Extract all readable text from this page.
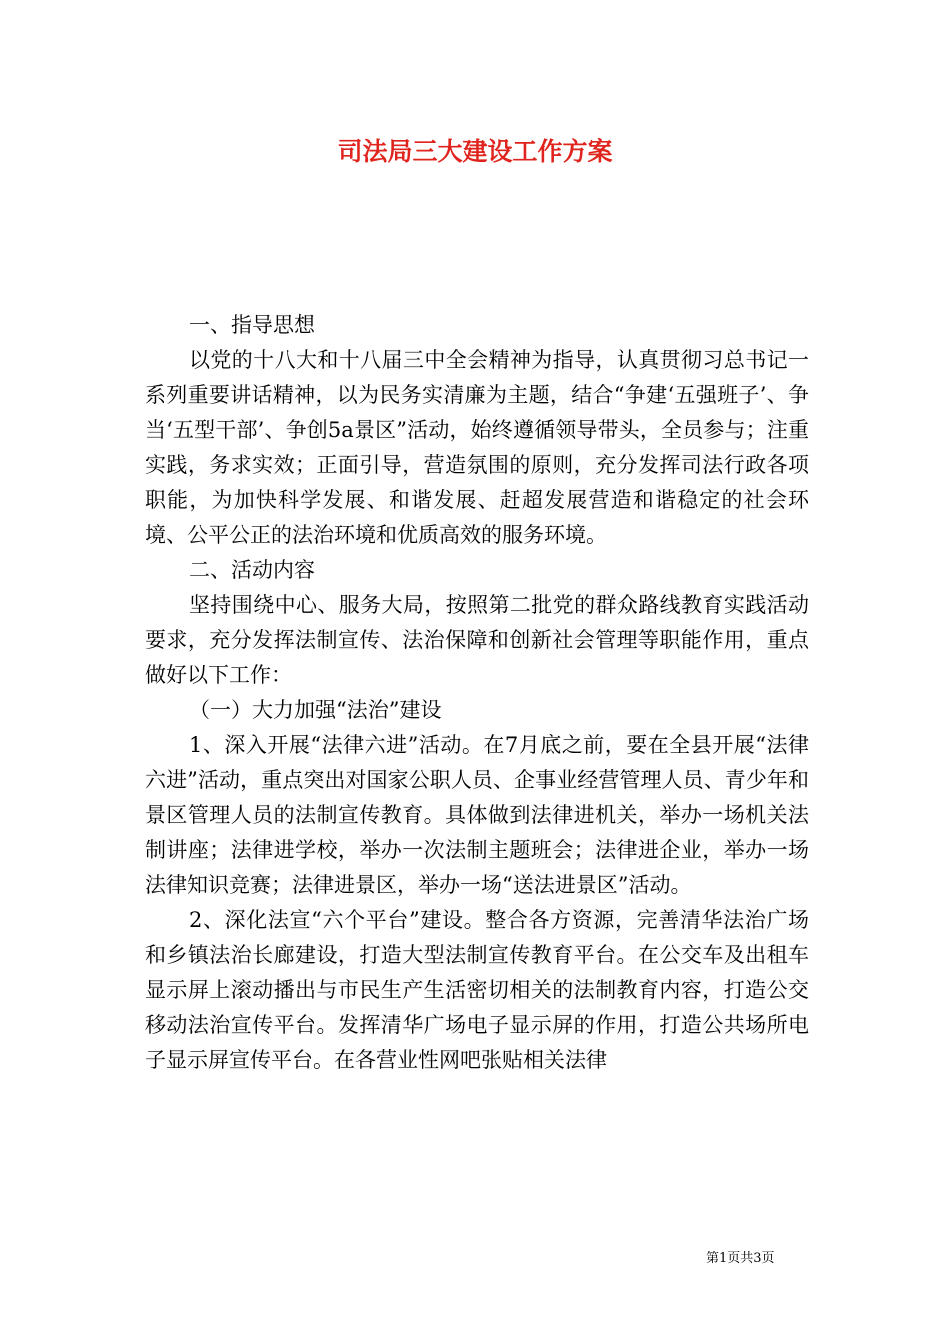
司法局三大建设工作方案

一、指导思想

以党的十八大和十八届三中全会精神为指导，认真贯彻习总书记一系列重要讲话精神，以为民务实清廉为主题，结合“争建‘五强班子’、争当‘五型干部’、争创5a景区”活动，始终遵循领导带头，全员参与；注重实践，务求实效；正面引导，营造氛围的原则，充分发挥司法行政各项职能，为加快科学发展、和谐发展、赶超发展营造和谐稳定的社会环境、公平公正的法治环境和优质高效的服务环境。

二、活动内容

坚持围绕中心、服务大局，按照第二批党的群众路线教育实践活动要求，充分发挥法制宣传、法治保障和创新社会管理等职能作用，重点做好以下工作：

（一）大力加强“法治”建设

1、深入开展“法律六进”活动。在7月底之前，要在全县开展“法律六进”活动，重点突出对国家公职人员、企事业经营管理人员、青少年和景区管理人员的法制宣传教育。具体做到法律进机关，举办一场机关法制讲座；法律进学校，举办一次法制主题班会；法律进企业，举办一场法律知识竞赛；法律进景区，举办一场“送法进景区”活动。

2、深化法宣“六个平台”建设。整合各方资源，完善清华法治广场和乡镇法治长廊建设，打造大型法制宣传教育平台。在公交车及出租车显示屏上滚动播出与市民生产生活密切相关的法制教育内容，打造公交移动法治宣传平台。发挥清华广场电子显示屏的作用，打造公共场所电子显示屏宣传平台。在各营业性网吧张贴相关法律

第1页共3页
